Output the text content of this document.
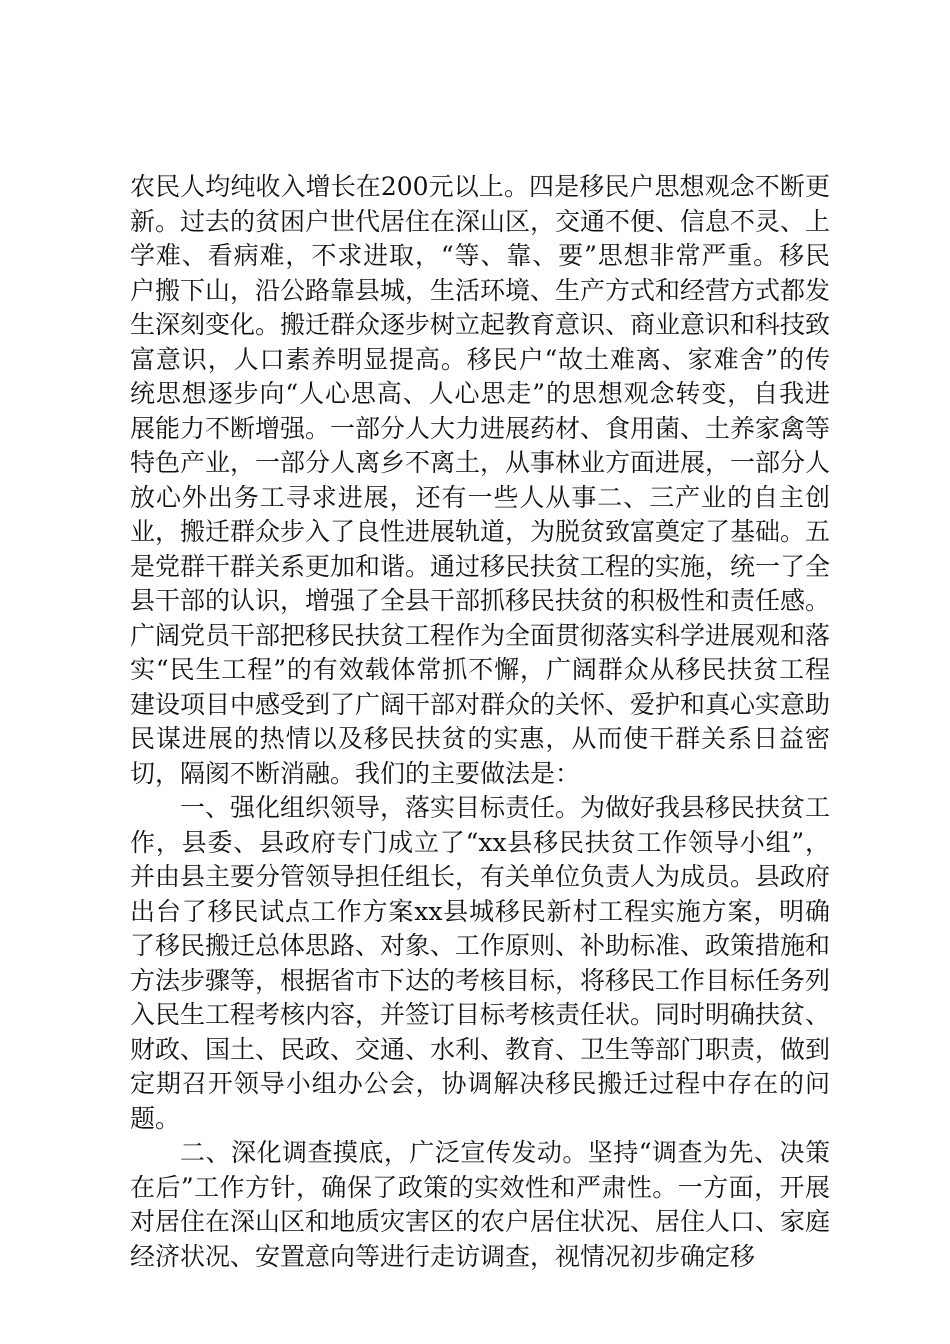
农民人均纯收入增长在200元以上。四是移民户思想观念不断更新。过去的贫困户世代居住在深山区，交通不便、信息不灵、上学难、看病难，不求进取，“等、靠、要”思想非常严重。移民户搬下山，沿公路靠县城，生活环境、生产方式和经营方式都发生深刻变化。搬迁群众逐步树立起教育意识、商业意识和科技致富意识，人口素养明显提高。移民户“故土难离、家难舍”的传统思想逐步向“人心思高、人心思走”的思想观念转变，自我进展能力不断增强。一部分人大力进展药材、食用菌、土养家禽等特色产业，一部分人离乡不离土，从事林业方面进展，一部分人放心外出务工寻求进展，还有一些人从事二、三产业的自主创业，搬迁群众步入了良性进展轨道，为脱贫致富奠定了基础。五是党群干群关系更加和谐。通过移民扶贫工程的实施，统一了全县干部的认识，增强了全县干部抓移民扶贫的积极性和责任感。广阔党员干部把移民扶贫工程作为全面贯彻落实科学进展观和落实“民生工程”的有效载体常抓不懈，广阔群众从移民扶贫工程建设项目中感受到了广阔干部对群众的关怀、爱护和真心实意助民谋进展的热情以及移民扶贫的实惠，从而使干群关系日益密切，隔阂不断消融。我们的主要做法是：

一、强化组织领导，落实目标责任。为做好我县移民扶贫工作，县委、县政府专门成立了“xx县移民扶贫工作领导小组”，并由县主要分管领导担任组长，有关单位负责人为成员。县政府出台了移民试点工作方案xx县城移民新村工程实施方案，明确了移民搬迁总体思路、对象、工作原则、补助标准、政策措施和方法步骤等，根据省市下达的考核目标，将移民工作目标任务列入民生工程考核内容，并签订目标考核责任状。同时明确扶贫、财政、国土、民政、交通、水利、教育、卫生等部门职责，做到定期召开领导小组办公会，协调解决移民搬迁过程中存在的问题。

二、深化调查摸底，广泛宣传发动。坚持“调查为先、决策在后”工作方针，确保了政策的实效性和严肃性。一方面，开展对居住在深山区和地质灾害区的农户居住状况、居住人口、家庭经济状况、安置意向等进行走访调查，视情况初步确定移
